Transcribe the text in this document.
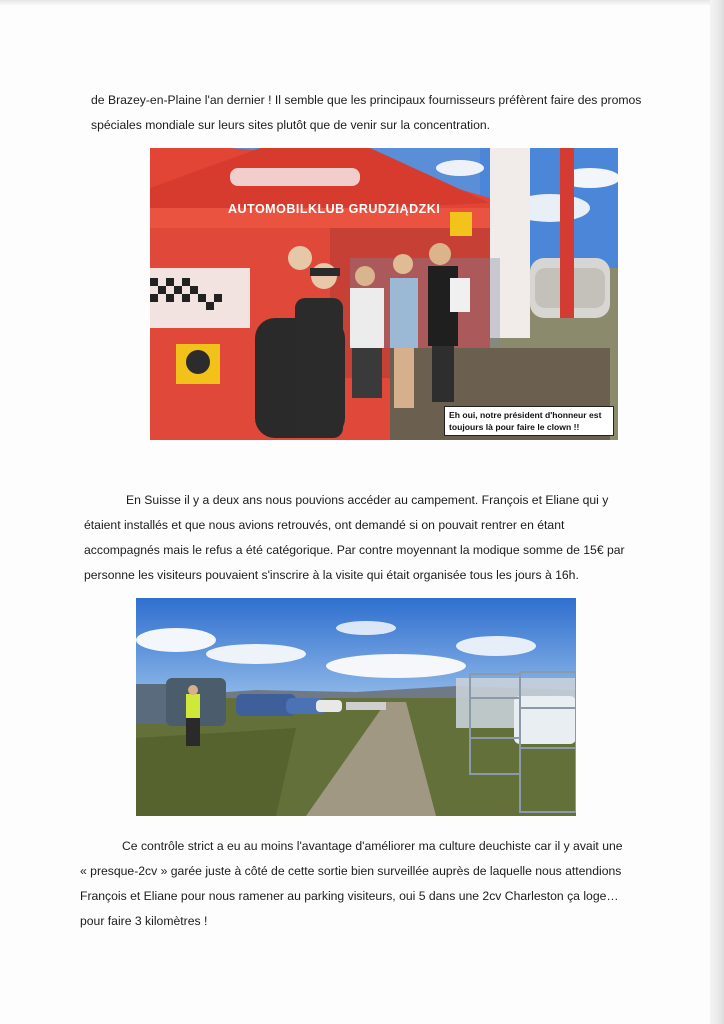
de Brazey-en-Plaine l'an dernier ! Il semble que les principaux fournisseurs préfèrent faire des promos
spéciales mondiale sur leurs sites plutôt que de venir sur la concentration.

AUTOMOBILKLUB GRUDZIĄDZKI
Eh oui, notre président d'honneur est
toujours là pour faire le clown !!

En Suisse il y a deux ans nous pouvions accéder au campement. François et Eliane qui y
étaient installés et que nous avions retrouvés, ont demandé si on pouvait rentrer en étant
accompagnés mais le refus a été catégorique. Par contre moyennant la modique somme de 15€ par
personne les visiteurs pouvaient s'inscrire à la visite qui était organisée tous les jours à 16h.

Ce contrôle strict a eu au moins l'avantage d'améliorer ma culture deuchiste car il y avait une
« presque-2cv » garée juste à côté de cette sortie bien surveillée auprès de laquelle nous attendions
François et Eliane pour nous ramener au parking visiteurs, oui 5 dans une 2cv Charleston ça loge…
pour faire 3 kilomètres !
